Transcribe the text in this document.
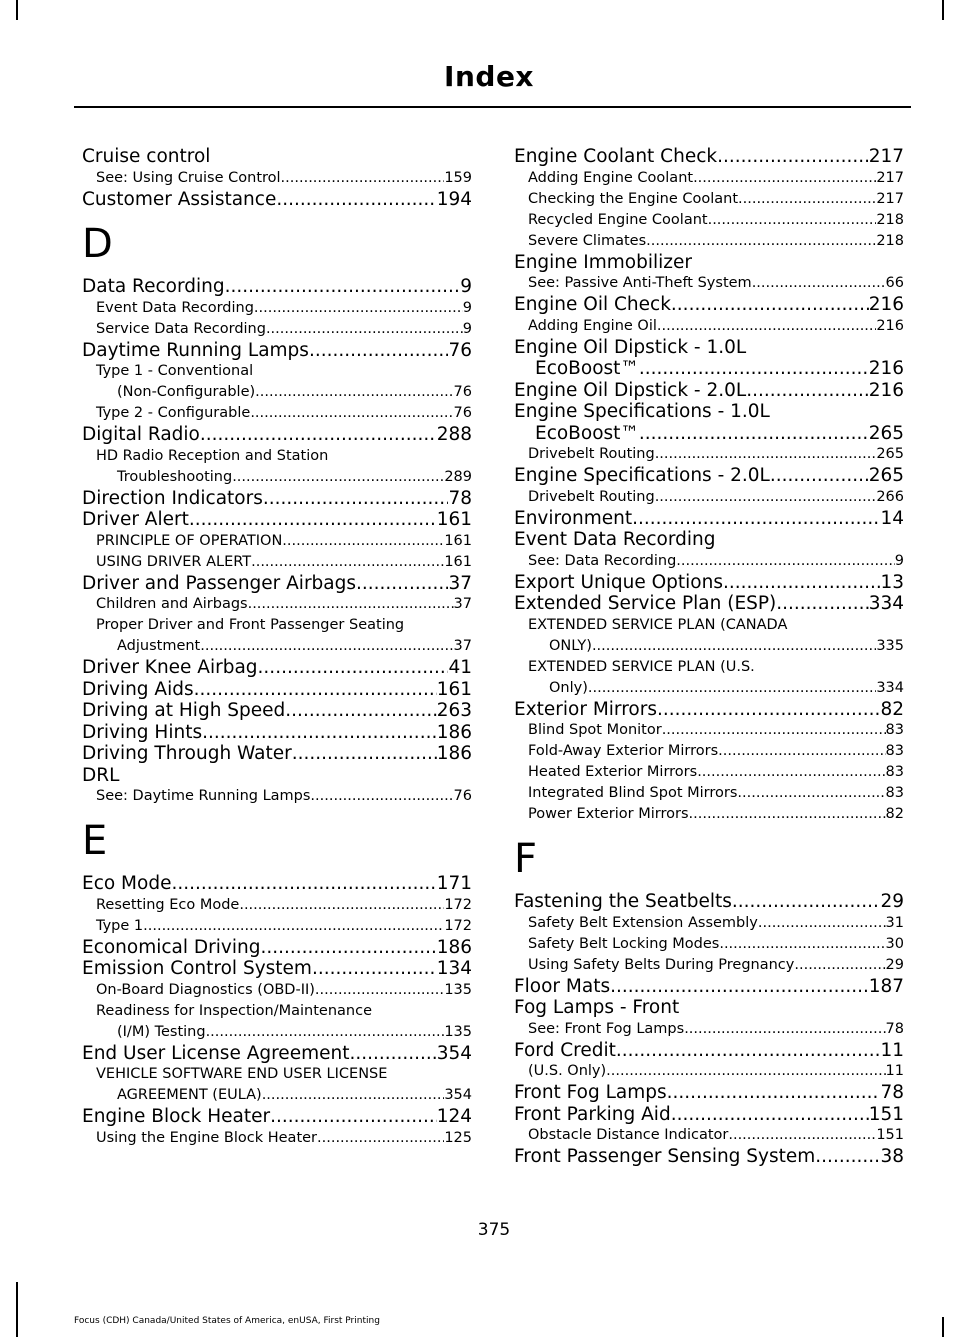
Index
Cruise control
See: Using Cruise Control .....	159
Customer Assistance .....	194
D
Data Recording .....	9
Event Data Recording .....	9
Service Data Recording .....	9
Daytime Running Lamps .....	76
Type 1 - Conventional
(Non-Configurable) .....	76
Type 2 - Configurable .....	76
Digital Radio .....	288
HD Radio Reception and Station
Troubleshooting .....	289
Direction Indicators .....	78
Driver Alert .....	161
PRINCIPLE OF OPERATION .....	161
USING DRIVER ALERT .....	161
Driver and Passenger Airbags .....	37
Children and Airbags .....	37
Proper Driver and Front Passenger Seating
Adjustment .....	37
Driver Knee Airbag .....	41
Driving Aids .....	161
Driving at High Speed .....	263
Driving Hints .....	186
Driving Through Water .....	186
DRL
See: Daytime Running Lamps .....	76
E
Eco Mode .....	171
Resetting Eco Mode .....	172
Type 1 .....	172
Economical Driving .....	186
Emission Control System .....	134
On-Board Diagnostics (OBD-II) .....	135
Readiness for Inspection/Maintenance
(I/M) Testing .....	135
End User License Agreement .....	354
VEHICLE SOFTWARE END USER LICENSE
AGREEMENT (EULA) .....	354
Engine Block Heater .....	124
Using the Engine Block Heater .....	125
Engine Coolant Check .....	217
Adding Engine Coolant .....	217
Checking the Engine Coolant .....	217
Recycled Engine Coolant .....	218
Severe Climates .....	218
Engine Immobilizer
See: Passive Anti-Theft System .....	66
Engine Oil Check .....	216
Adding Engine Oil .....	216
Engine Oil Dipstick - 1.0L
EcoBoost™ .....	216
Engine Oil Dipstick - 2.0L .....	216
Engine Specifications - 1.0L
EcoBoost™ .....	265
Drivebelt Routing .....	265
Engine Specifications - 2.0L .....	265
Drivebelt Routing .....	266
Environment .....	14
Event Data Recording
See: Data Recording .....	9
Export Unique Options .....	13
Extended Service Plan (ESP) .....	334
EXTENDED SERVICE PLAN (CANADA
ONLY) .....	335
EXTENDED SERVICE PLAN (U.S.
Only) .....	334
Exterior Mirrors .....	82
Blind Spot Monitor .....	83
Fold-Away Exterior Mirrors .....	83
Heated Exterior Mirrors .....	83
Integrated Blind Spot Mirrors .....	83
Power Exterior Mirrors .....	82
F
Fastening the Seatbelts .....	29
Safety Belt Extension Assembly .....	31
Safety Belt Locking Modes .....	30
Using Safety Belts During Pregnancy .....	29
Floor Mats .....	187
Fog Lamps - Front
See: Front Fog Lamps .....	78
Ford Credit .....	11
(U.S. Only) .....	11
Front Fog Lamps .....	78
Front Parking Aid .....	151
Obstacle Distance Indicator .....	151
Front Passenger Sensing System .....	38
375
Focus (CDH) Canada/United States of America, enUSA, First Printing
